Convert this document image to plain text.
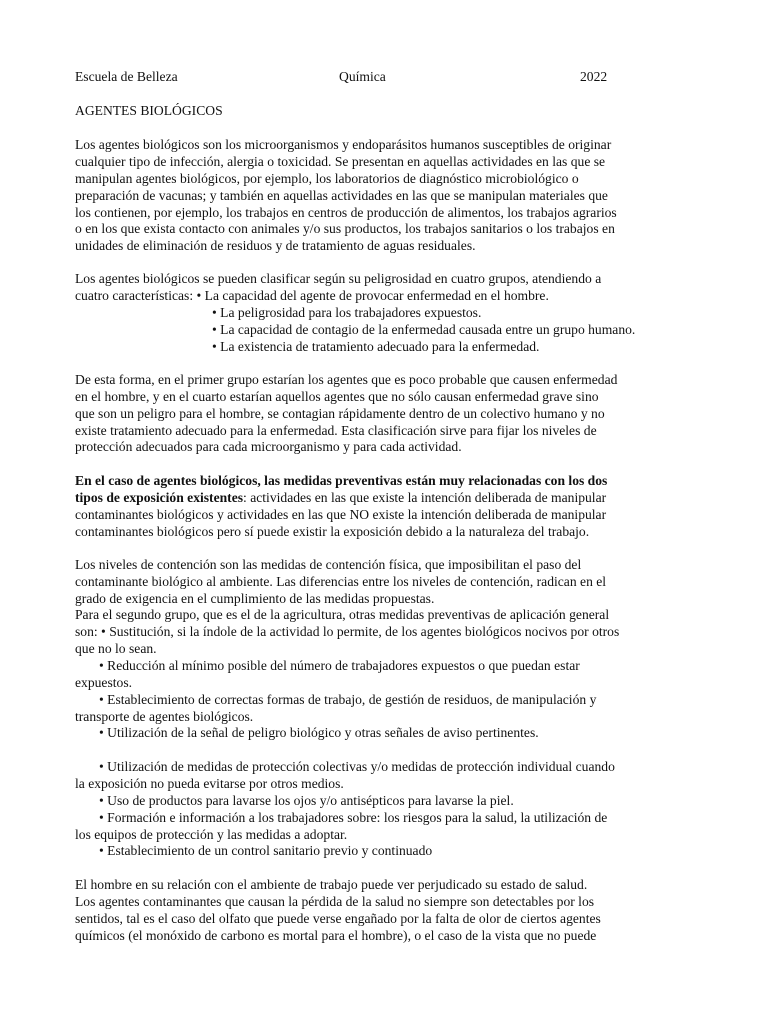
Escuela de Belleza	Química	2022

AGENTES BIOLÓGICOS

Los agentes biológicos son los microorganismos y endoparásitos humanos susceptibles de originar

cualquier tipo de infección, alergia o toxicidad. Se presentan en aquellas actividades en las que se

manipulan agentes biológicos, por ejemplo, los laboratorios de diagnóstico microbiológico o

preparación de vacunas; y también en aquellas actividades en las que se manipulan materiales que

los contienen, por ejemplo, los trabajos en centros de producción de alimentos, los trabajos agrarios

o en los que exista contacto con animales y/o sus productos, los trabajos sanitarios o los trabajos en

unidades de eliminación de residuos y de tratamiento de aguas residuales.

Los agentes biológicos se pueden clasificar según su peligrosidad en cuatro grupos, atendiendo a

cuatro características: • La capacidad del agente de provocar enfermedad en el hombre.

• La peligrosidad para los trabajadores expuestos.

• La capacidad de contagio de la enfermedad causada entre un grupo humano.

• La existencia de tratamiento adecuado para la enfermedad.

De esta forma, en el primer grupo estarían los agentes que es poco probable que causen enfermedad

en el hombre, y en el cuarto estarían aquellos agentes que no sólo causan enfermedad grave sino

que son un peligro para el hombre, se contagian rápidamente dentro de un colectivo humano y no

existe tratamiento adecuado para la enfermedad. Esta clasificación sirve para fijar los niveles de

protección adecuados para cada microorganismo y para cada actividad.

En el caso de agentes biológicos, las medidas preventivas están muy relacionadas con los dos

tipos de exposición existentes: actividades en las que existe la intención deliberada de manipular

contaminantes biológicos y actividades en las que NO existe la intención deliberada de manipular

contaminantes biológicos pero sí puede existir la exposición debido a la naturaleza del trabajo.

Los niveles de contención son las medidas de contención física, que imposibilitan el paso del

contaminante biológico al ambiente. Las diferencias entre los niveles de contención, radican en el

grado de exigencia en el cumplimiento de las medidas propuestas.

Para el segundo grupo, que es el de la agricultura, otras medidas preventivas de aplicación general

son: • Sustitución, si la índole de la actividad lo permite, de los agentes biológicos nocivos por otros

que no lo sean.

• Reducción al mínimo posible del número de trabajadores expuestos o que puedan estar

expuestos.

• Establecimiento de correctas formas de trabajo, de gestión de residuos, de manipulación y

transporte de agentes biológicos.

• Utilización de la señal de peligro biológico y otras señales de aviso pertinentes.

• Utilización de medidas de protección colectivas y/o medidas de protección individual cuando

la exposición no pueda evitarse por otros medios.

• Uso de productos para lavarse los ojos y/o antisépticos para lavarse la piel.

• Formación e información a los trabajadores sobre: los riesgos para la salud, la utilización de

los equipos de protección y las medidas a adoptar.

• Establecimiento de un control sanitario previo y continuado

El hombre en su relación con el ambiente de trabajo puede ver perjudicado su estado de salud.

Los agentes contaminantes que causan la pérdida de la salud no siempre son detectables por los

sentidos, tal es el caso del olfato que puede verse engañado por la falta de olor de ciertos agentes

químicos (el monóxido de carbono es mortal para el hombre), o el caso de la vista que no puede
